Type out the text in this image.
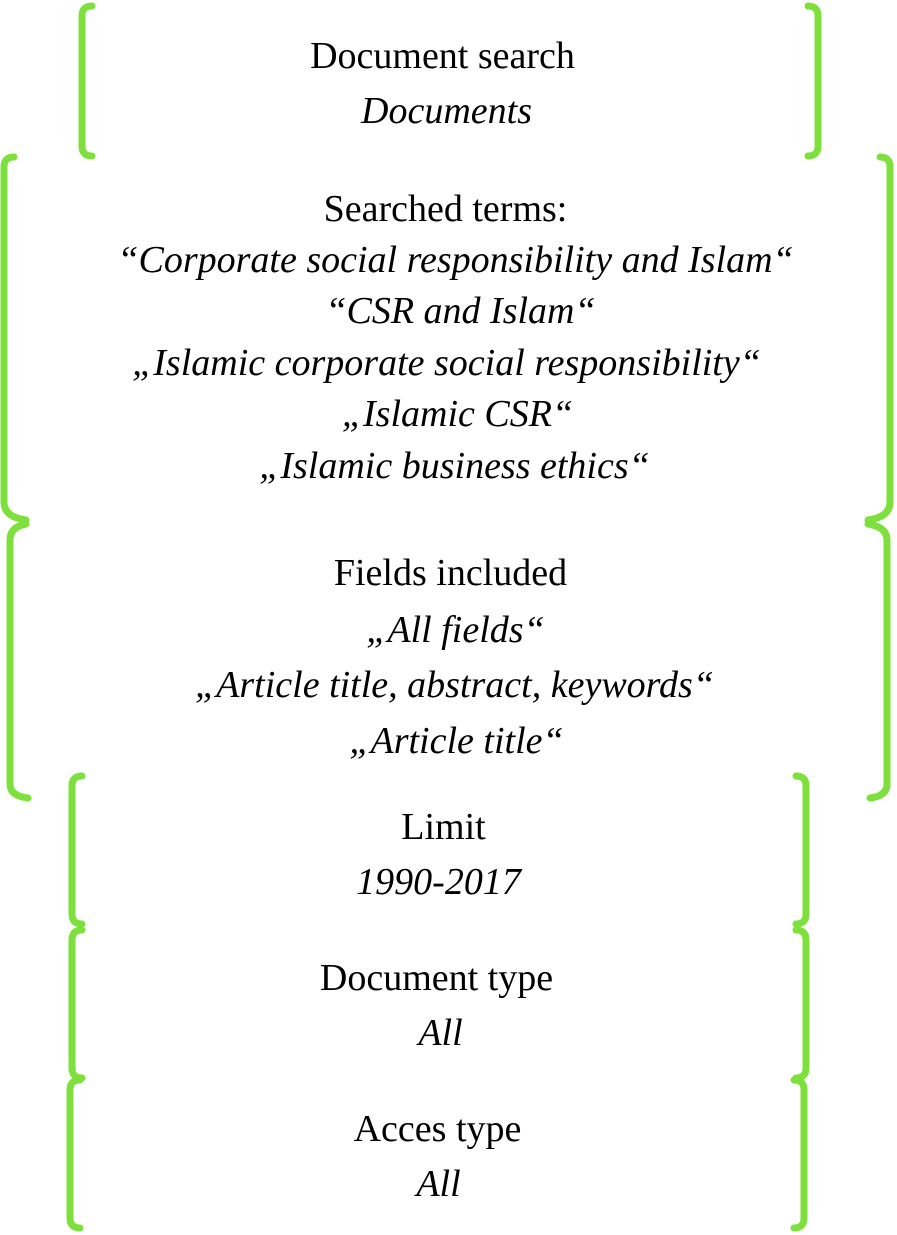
Document search
Documents
Searched terms:
“Corporate social responsibility and Islam“
“CSR and Islam“
„Islamic corporate social responsibility“
„Islamic CSR“
„Islamic business ethics“
Fields included
„All fields“
„Article title, abstract, keywords“
„Article title“
Limit
1990-2017
Document type
All
Acces type
All
